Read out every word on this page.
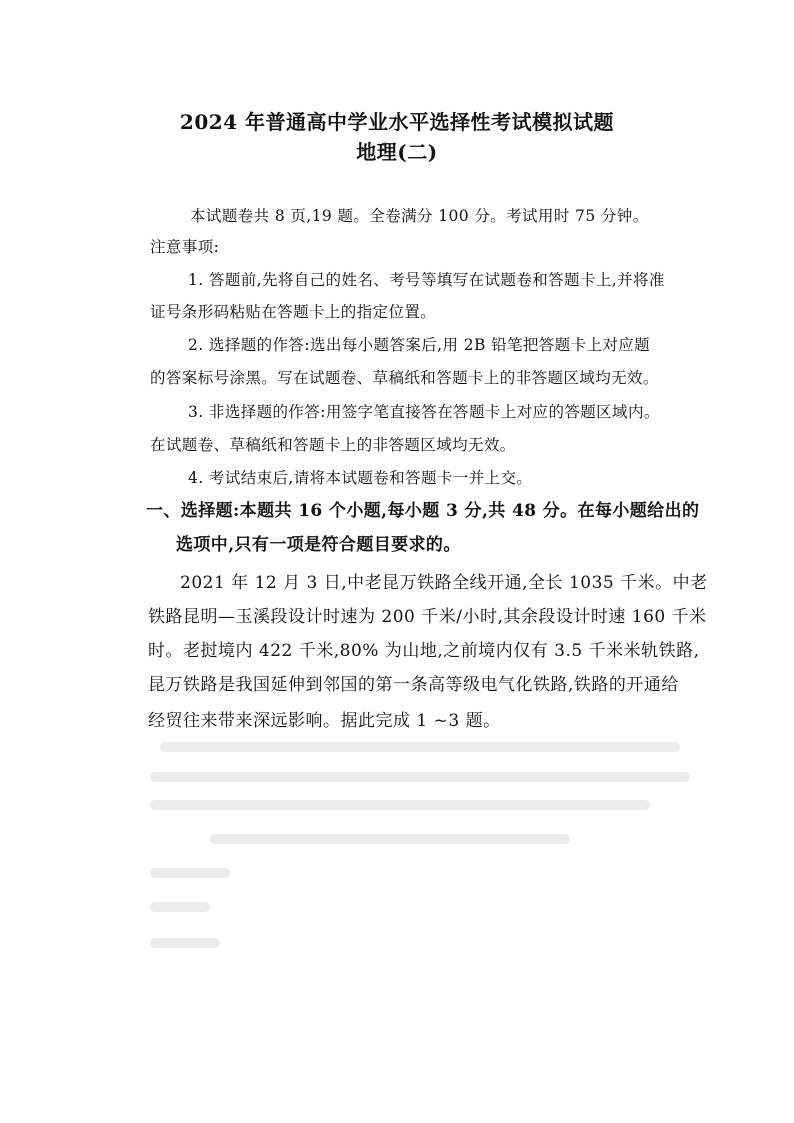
2024 年普通高中学业水平选择性考试模拟试题
地理(二)
本试题卷共 8 页,19 题。全卷满分 100 分。考试用时 75 分钟。
注意事项:
1. 答题前,先将自己的姓名、考号等填写在试题卷和答题卡上,并将准
证号条形码粘贴在答题卡上的指定位置。
2. 选择题的作答:选出每小题答案后,用 2B 铅笔把答题卡上对应题
的答案标号涂黑。写在试题卷、草稿纸和答题卡上的非答题区域均无效。
3. 非选择题的作答:用签字笔直接答在答题卡上对应的答题区域内。
在试题卷、草稿纸和答题卡上的非答题区域均无效。
4. 考试结束后,请将本试题卷和答题卡一并上交。
一、选择题:本题共 16 个小题,每小题 3 分,共 48 分。在每小题给出的
选项中,只有一项是符合题目要求的。
2021 年 12 月 3 日,中老昆万铁路全线开通,全长 1035 千米。中老
铁路昆明—玉溪段设计时速为 200 千米/小时,其余段设计时速 160 千米
时。老挝境内 422 千米,80% 为山地,之前境内仅有 3.5 千米米轨铁路,
昆万铁路是我国延伸到邻国的第一条高等级电气化铁路,铁路的开通给
经贸往来带来深远影响。据此完成 1 ~3 题。
